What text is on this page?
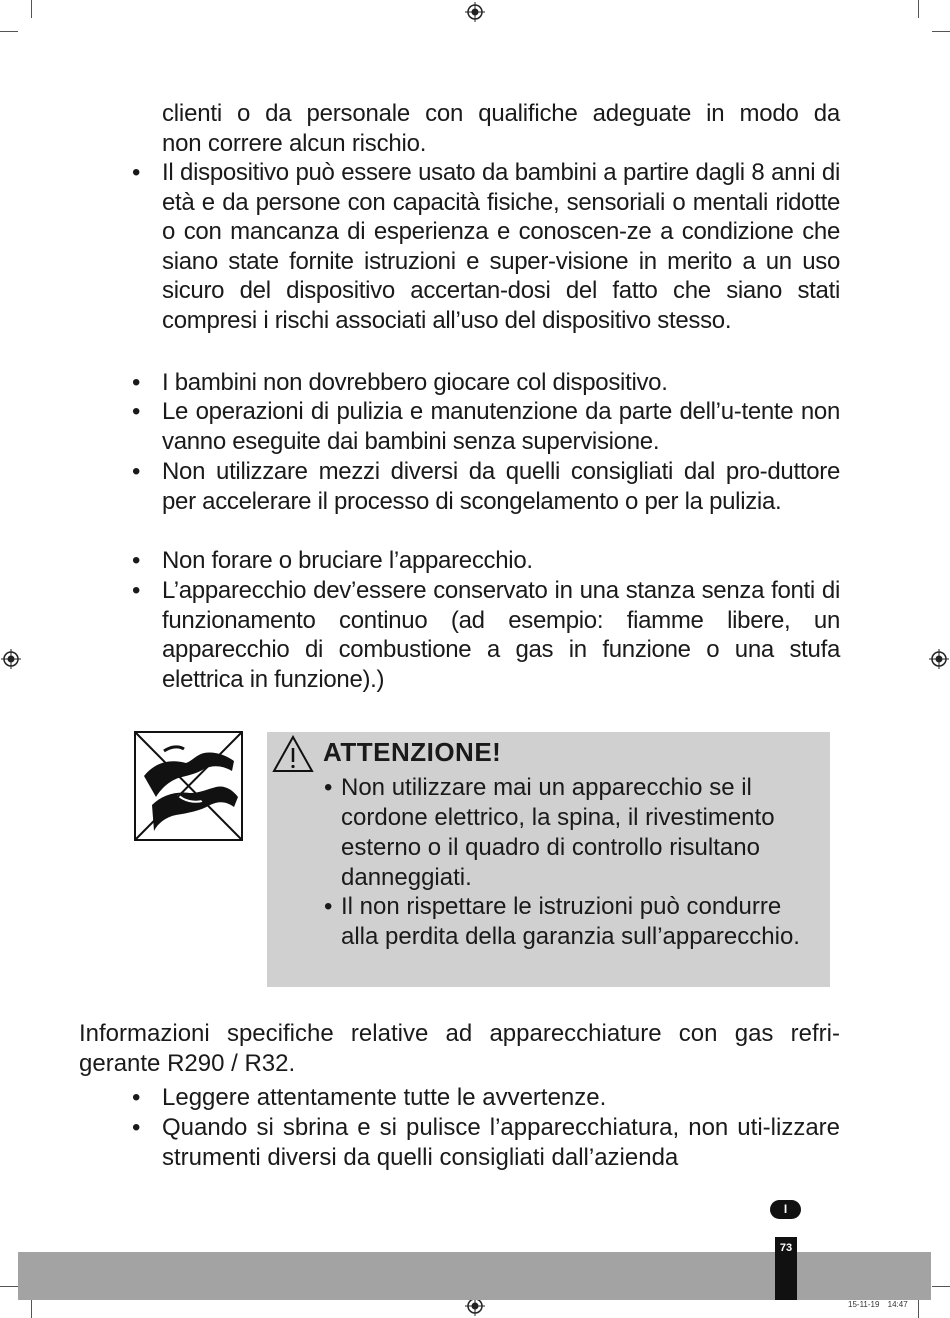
clienti o da personale con qualifiche adeguate in modo da
non correre alcun rischio.
• Il dispositivo può essere usato da bambini a partire dagli 8 anni di età e da persone con capacità fisiche, sensoriali o mentali ridotte o con mancanza di esperienza e conoscen-ze a condizione che siano state fornite istruzioni e super-visione in merito a un uso sicuro del dispositivo accertan-dosi del fatto che siano stati compresi i rischi associati all’uso del dispositivo stesso.
• I bambini non dovrebbero giocare col dispositivo.
• Le operazioni di pulizia e manutenzione da parte dell’u-tente non vanno eseguite dai bambini senza supervisione.
• Non utilizzare mezzi diversi da quelli consigliati dal pro-duttore per accelerare il processo di scongelamento o per la pulizia.
• Non forare o bruciare l’apparecchio.
• L’apparecchio dev’essere conservato in una stanza senza fonti di funzionamento continuo (ad esempio: fiamme libere, un apparecchio di combustione a gas in funzione o una stufa elettrica in funzione).)
ATTENZIONE!
• Non utilizzare mai un apparecchio se il cordone elettrico, la spina, il rivestimento esterno o il quadro di controllo risultano danneggiati.
• Il non rispettare le istruzioni può condurre alla perdita della garanzia sull’apparecchio.
Informazioni specifiche relative ad apparecchiature con gas refri-gerante R290 / R32.
• Leggere attentamente tutte le avvertenze.
• Quando si sbrina e si pulisce l’apparecchiatura, non uti-lizzare strumenti diversi da quelli consigliati dall’azienda
I
73
15-11-19 14:47
